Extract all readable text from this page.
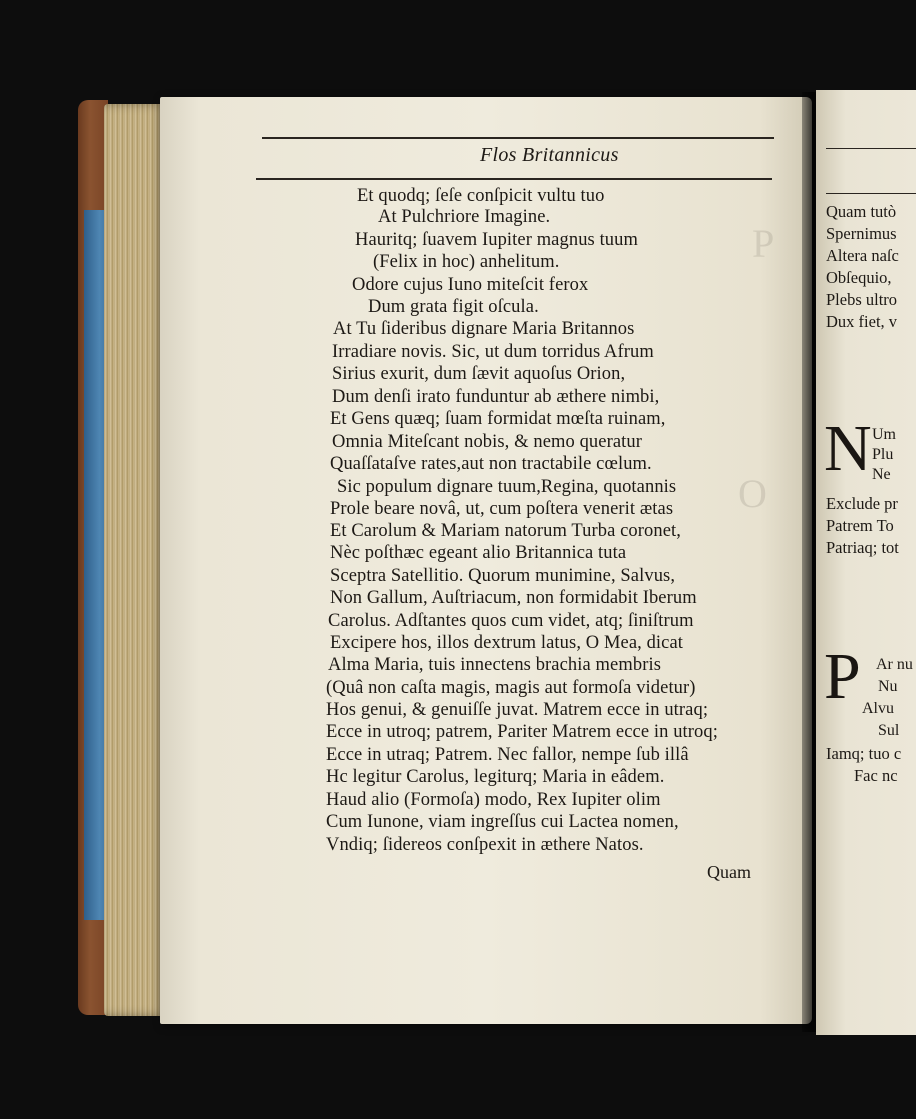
P
O
Flos Britannicus
Et quodq; ſeſe conſpicit vultu tuo
At Pulchriore Imagine.
Hauritq; ſuavem Iupiter magnus tuum
(Felix in hoc) anhelitum.
Odore cujus Iuno miteſcit ferox
Dum grata figit oſcula.
At Tu ſideribus dignare Maria Britannos
Irradiare novis. Sic, ut dum torridus Afrum
Sirius exurit, dum ſævit aquoſus Orion,
Dum denſi irato funduntur ab æthere nimbi,
Et Gens quæq; ſuam formidat mœſta ruinam,
Omnia Miteſcant nobis, & nemo queratur
Quaſſataſve rates,aut non tractabile cœlum.
Sic populum dignare tuum,Regina, quotannis
Prole beare novâ, ut, cum poſtera venerit ætas
Et Carolum & Mariam natorum Turba coronet,
Nèc poſthæc egeant alio Britannica tuta
Sceptra Satellitio. Quorum munimine, Salvus,
Non Gallum, Auſtriacum, non formidabit Iberum
Carolus. Adſtantes quos cum videt, atq; ſiniſtrum
Excipere hos, illos dextrum latus, O Mea, dicat
Alma Maria, tuis innectens brachia membris
(Quâ non caſta magis, magis aut formoſa videtur)
Hos genui, & genuiſſe juvat. Matrem ecce in utraq;
Ecce in utroq; patrem, Pariter Matrem ecce in utroq;
Ecce in utraq; Patrem. Nec fallor, nempe ſub illâ
Hc legitur Carolus, legiturq; Maria in eâdem.
Haud alio (Formoſa) modo, Rex Iupiter olim
Cum Iunone, viam ingreſſus cui Lactea nomen,
Vndiq; ſidereos conſpexit in æthere Natos.
Quam
Quam tutò
Spernimus
Altera naſc
Obſequio,
Plebs ultro
Dux fiet, v
N Um
Plu
Ne
Exclude pr
Patrem To
Patriaq; tot
P Ar nu
Nu
Alvu
Sul
Iamq; tuo c
Fac nc
